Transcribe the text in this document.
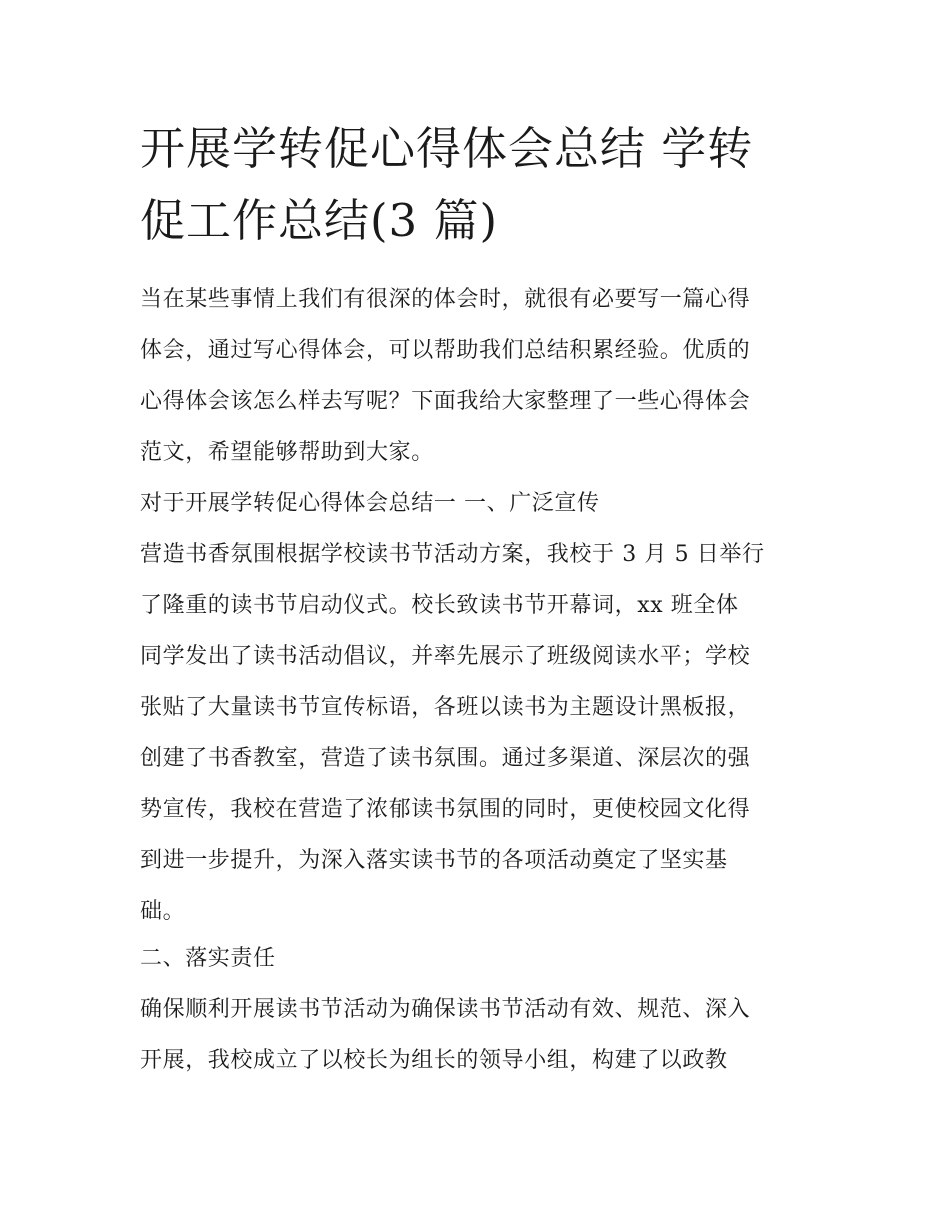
开展学转促心得体会总结 学转
促工作总结(3 篇)
当在某些事情上我们有很深的体会时，就很有必要写一篇心得
体会，通过写心得体会，可以帮助我们总结积累经验。优质的
心得体会该怎么样去写呢？下面我给大家整理了一些心得体会
范文，希望能够帮助到大家。
对于开展学转促心得体会总结一 一、广泛宣传
营造书香氛围根据学校读书节活动方案，我校于 3 月 5 日举行
了隆重的读书节启动仪式。校长致读书节开幕词，xx 班全体
同学发出了读书活动倡议，并率先展示了班级阅读水平；学校
张贴了大量读书节宣传标语，各班以读书为主题设计黑板报，
创建了书香教室，营造了读书氛围。通过多渠道、深层次的强
势宣传，我校在营造了浓郁读书氛围的同时，更使校园文化得
到进一步提升，为深入落实读书节的各项活动奠定了坚实基
础。
二、落实责任
确保顺利开展读书节活动为确保读书节活动有效、规范、深入
开展，我校成立了以校长为组长的领导小组，构建了以政教
